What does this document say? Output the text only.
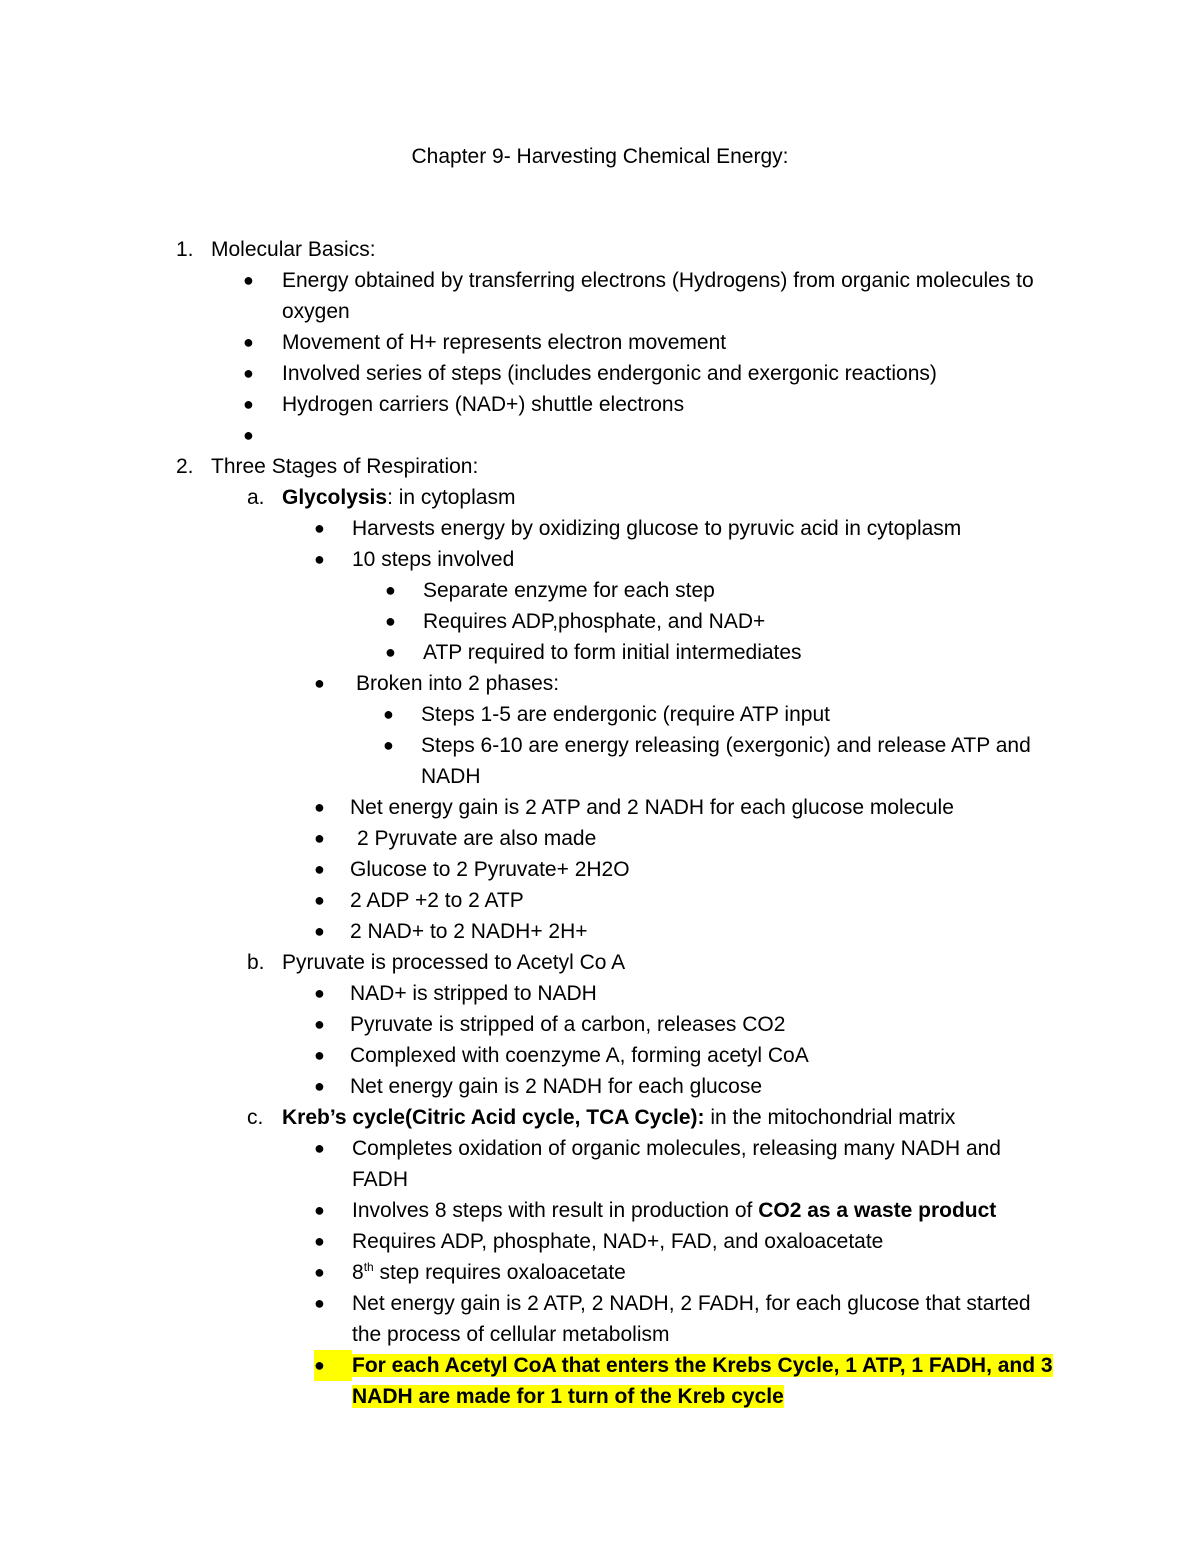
Chapter 9- Harvesting Chemical Energy:
1. Molecular Basics:
● Energy obtained by transferring electrons (Hydrogens) from organic molecules to
oxygen
● Movement of H+ represents electron movement
● Involved series of steps (includes endergonic and exergonic reactions)
● Hydrogen carriers (NAD+) shuttle electrons
●
2. Three Stages of Respiration:
a. Glycolysis: in cytoplasm
● Harvests energy by oxidizing glucose to pyruvic acid in cytoplasm
● 10 steps involved
● Separate enzyme for each step
● Requires ADP,phosphate, and NAD+
● ATP required to form initial intermediates
● Broken into 2 phases:
● Steps 1-5 are endergonic (require ATP input
● Steps 6-10 are energy releasing (exergonic) and release ATP and
NADH
● Net energy gain is 2 ATP and 2 NADH for each glucose molecule
● 2 Pyruvate are also made
● Glucose to 2 Pyruvate+ 2H2O
● 2 ADP +2 to 2 ATP
● 2 NAD+ to 2 NADH+ 2H+
b. Pyruvate is processed to Acetyl Co A
● NAD+ is stripped to NADH
● Pyruvate is stripped of a carbon, releases CO2
● Complexed with coenzyme A, forming acetyl CoA
● Net energy gain is 2 NADH for each glucose
c. Kreb’s cycle(Citric Acid cycle, TCA Cycle): in the mitochondrial matrix
● Completes oxidation of organic molecules, releasing many NADH and
FADH
● Involves 8 steps with result in production of CO2 as a waste product
● Requires ADP, phosphate, NAD+, FAD, and oxaloacetate
● 8th step requires oxaloacetate
● Net energy gain is 2 ATP, 2 NADH, 2 FADH, for each glucose that started
the process of cellular metabolism
●	For each Acetyl CoA that enters the Krebs Cycle, 1 ATP, 1 FADH, and 3
NADH are made for 1 turn of the Kreb cycle
